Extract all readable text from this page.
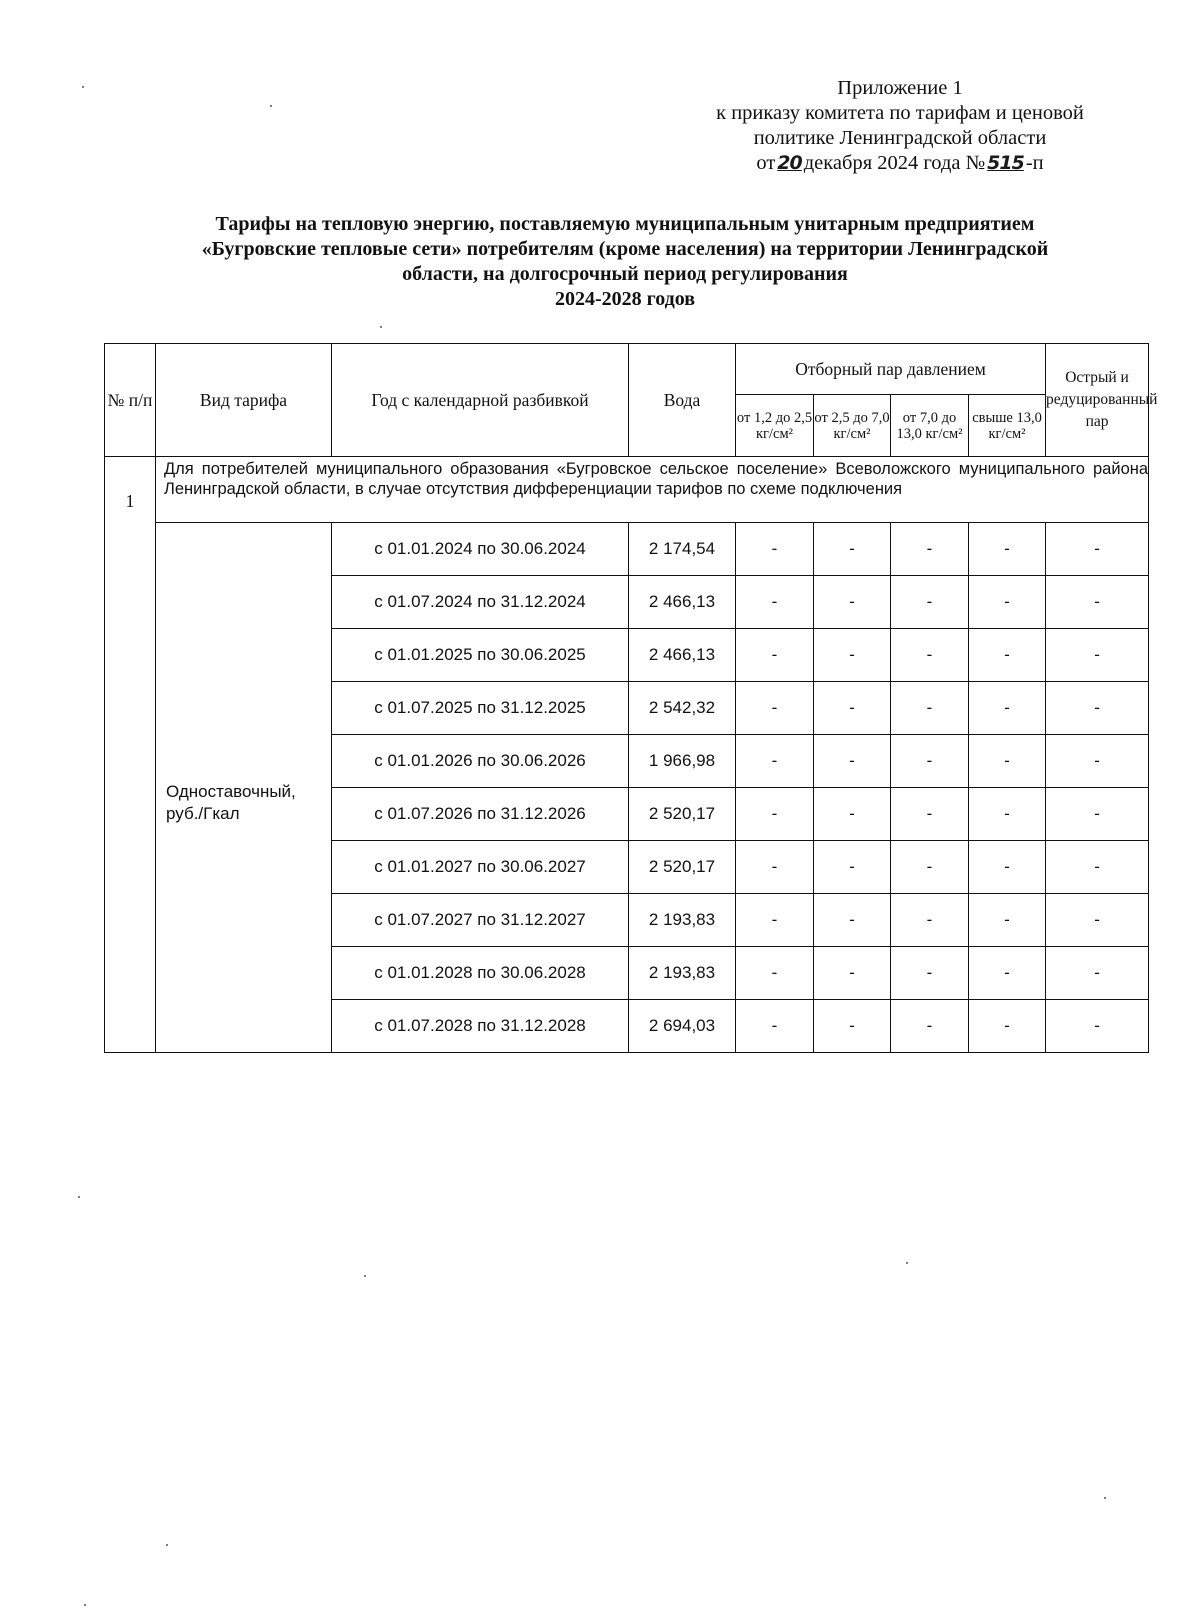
Приложение 1
к приказу комитета по тарифам и ценовой
политике Ленинградской области
от 20декабря 2024 года № 515-п
Тарифы на тепловую энергию, поставляемую муниципальным унитарным предприятием
«Бугровские тепловые сети» потребителям (кроме населения) на территории Ленинградской
области, на долгосрочный период регулирования
2024-2028 годов
№ п/п	Вид тарифа	Год с календарной разбивкой	Вода	Отборный пар давлением				Острый и редуцированный пар
				от 1,2 до 2,5 кг/см²	от 2,5 до 7,0 кг/см²	от 7,0 до 13,0 кг/см²	свыше 13,0 кг/см²	

1	Для потребителей муниципального образования «Бугровское сельское поселение» Всеволожского муниципального района Ленинградской области, в случае отсутствия дифференциации тарифов по схеме подключения							
	Одноставочный, руб./Гкал	с 01.01.2024 по 30.06.2024	2 174,54	-	-	-	-	-
		с 01.07.2024 по 31.12.2024	2 466,13	-	-	-	-	-
		с 01.01.2025 по 30.06.2025	2 466,13	-	-	-	-	-
		с 01.07.2025 по 31.12.2025	2 542,32	-	-	-	-	-
		с 01.01.2026 по 30.06.2026	1 966,98	-	-	-	-	-
		с 01.07.2026 по 31.12.2026	2 520,17	-	-	-	-	-
		с 01.01.2027 по 30.06.2027	2 520,17	-	-	-	-	-
		с 01.07.2027 по 31.12.2027	2 193,83	-	-	-	-	-
		с 01.01.2028 по 30.06.2028	2 193,83	-	-	-	-	-
		с 01.07.2028 по 31.12.2028	2 694,03	-	-	-	-	-
